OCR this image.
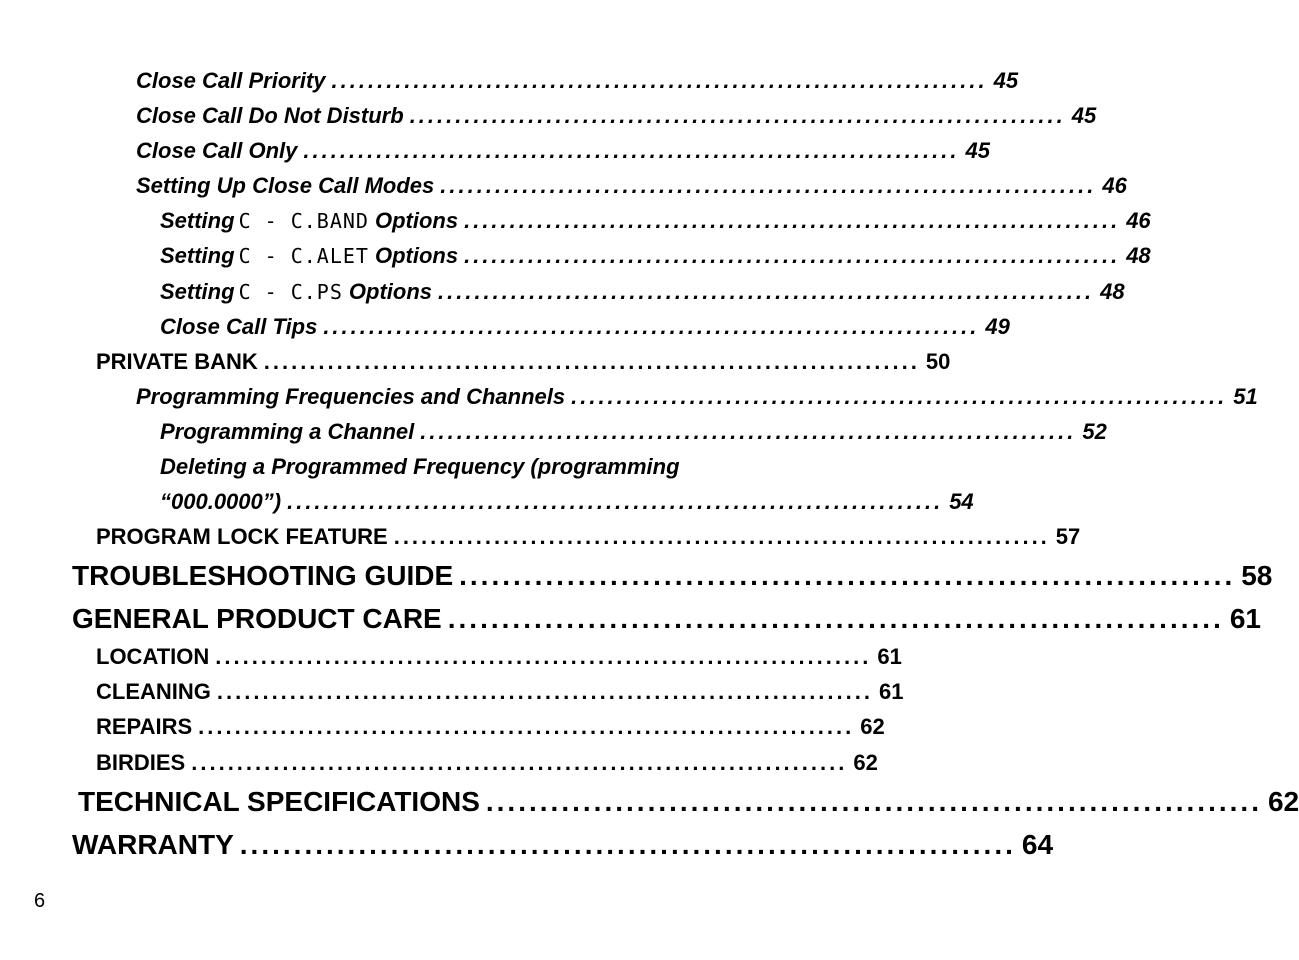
Close Call Priority ........................................................................ 45
Close Call Do Not Disturb ........................................................................ 45
Close Call Only ........................................................................ 45
Setting Up Close Call Modes ........................................................................ 46
Setting C - C.BAND Options ........................................................................ 46
Setting C - C.ALET Options ........................................................................ 48
Setting C - C.PS Options ........................................................................ 48
Close Call Tips ........................................................................ 49
PRIVATE BANK ........................................................................ 50
Programming Frequencies and Channels ........................................................................ 51
Programming a Channel ........................................................................ 52
Deleting a Programmed Frequency (programming
“000.0000”) ........................................................................ 54
PROGRAM LOCK FEATURE ........................................................................ 57
TROUBLESHOOTING GUIDE ........................................................................ 58
GENERAL PRODUCT CARE ........................................................................ 61
LOCATION ........................................................................ 61
CLEANING ........................................................................ 61
REPAIRS ........................................................................ 62
BIRDIES ........................................................................ 62
TECHNICAL SPECIFICATIONS ........................................................................ 62
WARRANTY ........................................................................ 64
6
